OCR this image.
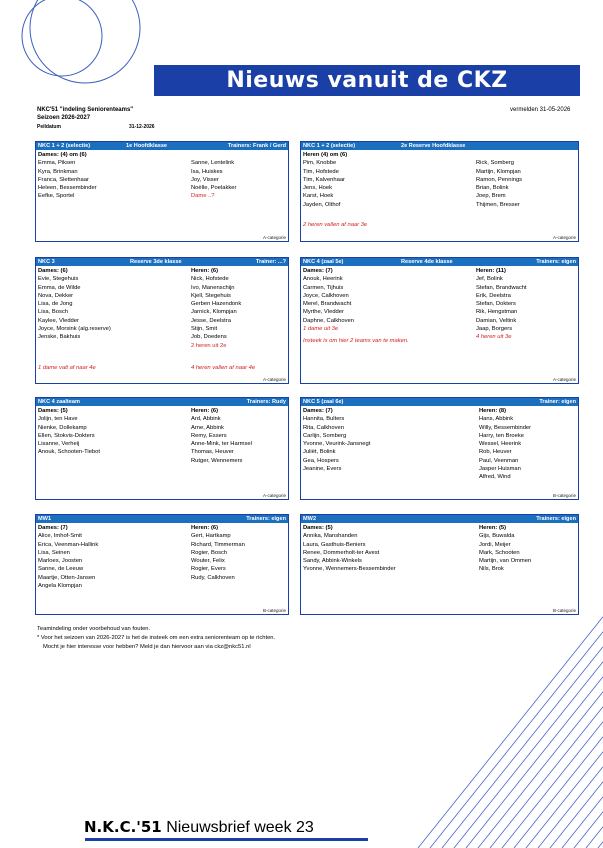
Nieuws vanuit de CKZ
NKC'51 "indeling Seniorenteams"
Seizoen 2026-2027
Peildatum	31-12-2026
vermelden 31-05-2026
NKC 1 + 2 (selectie)	1e Hoofdklasse	Trainers: Frank / Gerd
Dames: (4) om (6)
Emma, Piksen
Kyra, Brinkman
Franca, Slettenhaar
Heleen, Bessembinder
Eefke, Sportel

Sanne, Lentelink
Isa, Huiskes
Joy, Visser
Noëlle, Poelakker
Dame ..?
A-categorie
NKC 1 + 2 (selectie)	2e Reserve Hoofdklasse
Heren (4) om (6)
Pim, Knobbe
Tim, Hofstede
Tim, Kalvenhaar
Jens, Hoek
Karst, Hoek
Jayden, Olthof

Rick, Somberg
Martijn, Klompjan
Ramon, Pennings
Brian, Bolink
Joep, Brem
Thijmen, Bresser
2 heren vallen af naar 3e
A-categorie
NKC 3	Reserve 3de klasse	Trainer: ...?
Dames: (6)
Evie, Stegehuis
Emma, de Wilde
Nova, Dekker
Lisa, de Jong
Lisa, Bosch
Kaylee, Vledder
Joyce, Morsink (alg.reserve)
Jenske, Bakhuis
Heren: (6)
Nick, Hofstede
Ivo, Manenschijn
Kjell, Stegehuis
Gerben Hazendonk
Jarnick, Klompjan
Jesse, Deelstra
Stijn, Smit
Job, Doedens
2 heren uit 2e
1 dame valt af naar 4e	4 heren vallen af naar 4e
A-categorie
NKC 4 (zaal 5e)	Reserve 4de klasse	Trainers: eigen
Dames: (7)
Anouk, Heerink
Carmen, Tijhuis
Joyce, Calkhoven
Merel, Brandwacht
Myrthe, Vledder
Daphne, Calkhoven
1 dame uit 3e
Heren: (11)
Jef, Bolink
Stefan, Brandwacht
Erik, Deelstra
Stefan, Dokters
Rik, Hengstman
Damian, Veltink
Jaap, Borgers
4 heren uit 3e
Insteek is om hier 2 teams van te maken.
A-categorie
NKC 4 zaalteam	Trainers: Rudy
Dames: (5)
Jolijn, ten Have
Nienke, Dollekamp
Ellen, Stokvis-Dokters
Lisanne, Verheij
Anouk, Schooten-Tiebot
Heren: (6)
Ard, Abbink
Arne, Abbink
Remy, Essers
Anne-Mink, ter Harmsel
Thomas, Heuver
Rutger, Wennemers
A-categorie
NKC 5 (zaal 6e)	Trainer: eigen
Dames: (7)
Hannita, Bulters
Rita, Calkhoven
Carlijn, Somberg
Yvonne, Veurink-Jansnegt
Juliët, Bolink
Gea, Hospers
Jeanine, Evers
Heren: (8)
Hans, Abbink
Willy, Bessembinder
Harry, ten Broeke
Wessel, Heerink
Rob, Heuver
Paul, Veenman
Jasper Huisman
Alfred, Wind
B-categorie
MW1	Trainers: eigen
Dames: (7)
Alice, Imhof-Smit
Erica, Veenman-Hallink
Lisa, Seinen
Marloes, Joosten
Sanne, de Leeuw
Maartje, Otten-Jansen
Angela Klompjan
Heren: (6)
Gert, Hartkamp
Richard, Timmerman
Rogier, Bosch
Wouter, Felix
Rogier, Evers
Rudy, Calkhoven
B-categorie
MW2	Trainers: eigen
Dames: (5)
Annika, Manshanden
Laura, Gasthuis-Beniers
Renee, Dommerholt-ter Avest
Sandy, Abbink-Winkels
Yvonne, Wennemers-Bessembinder
Heren: (5)
Gijs, Buwalda
Jordi, Meijer
Mark, Schooten
Martijn, van Ommen
Nils, Brok
B-categorie
Teamindeling onder voorbehoud van fouten.
* Voor het seizoen van 2026-2027 is het de insteek om een extra seniorenteam op te richten.
Mocht je hier interesse voor hebben? Meld je dan hiervoor aan via ckz@nkc51.nl
N.K.C.'51 Nieuwsbrief week 23
